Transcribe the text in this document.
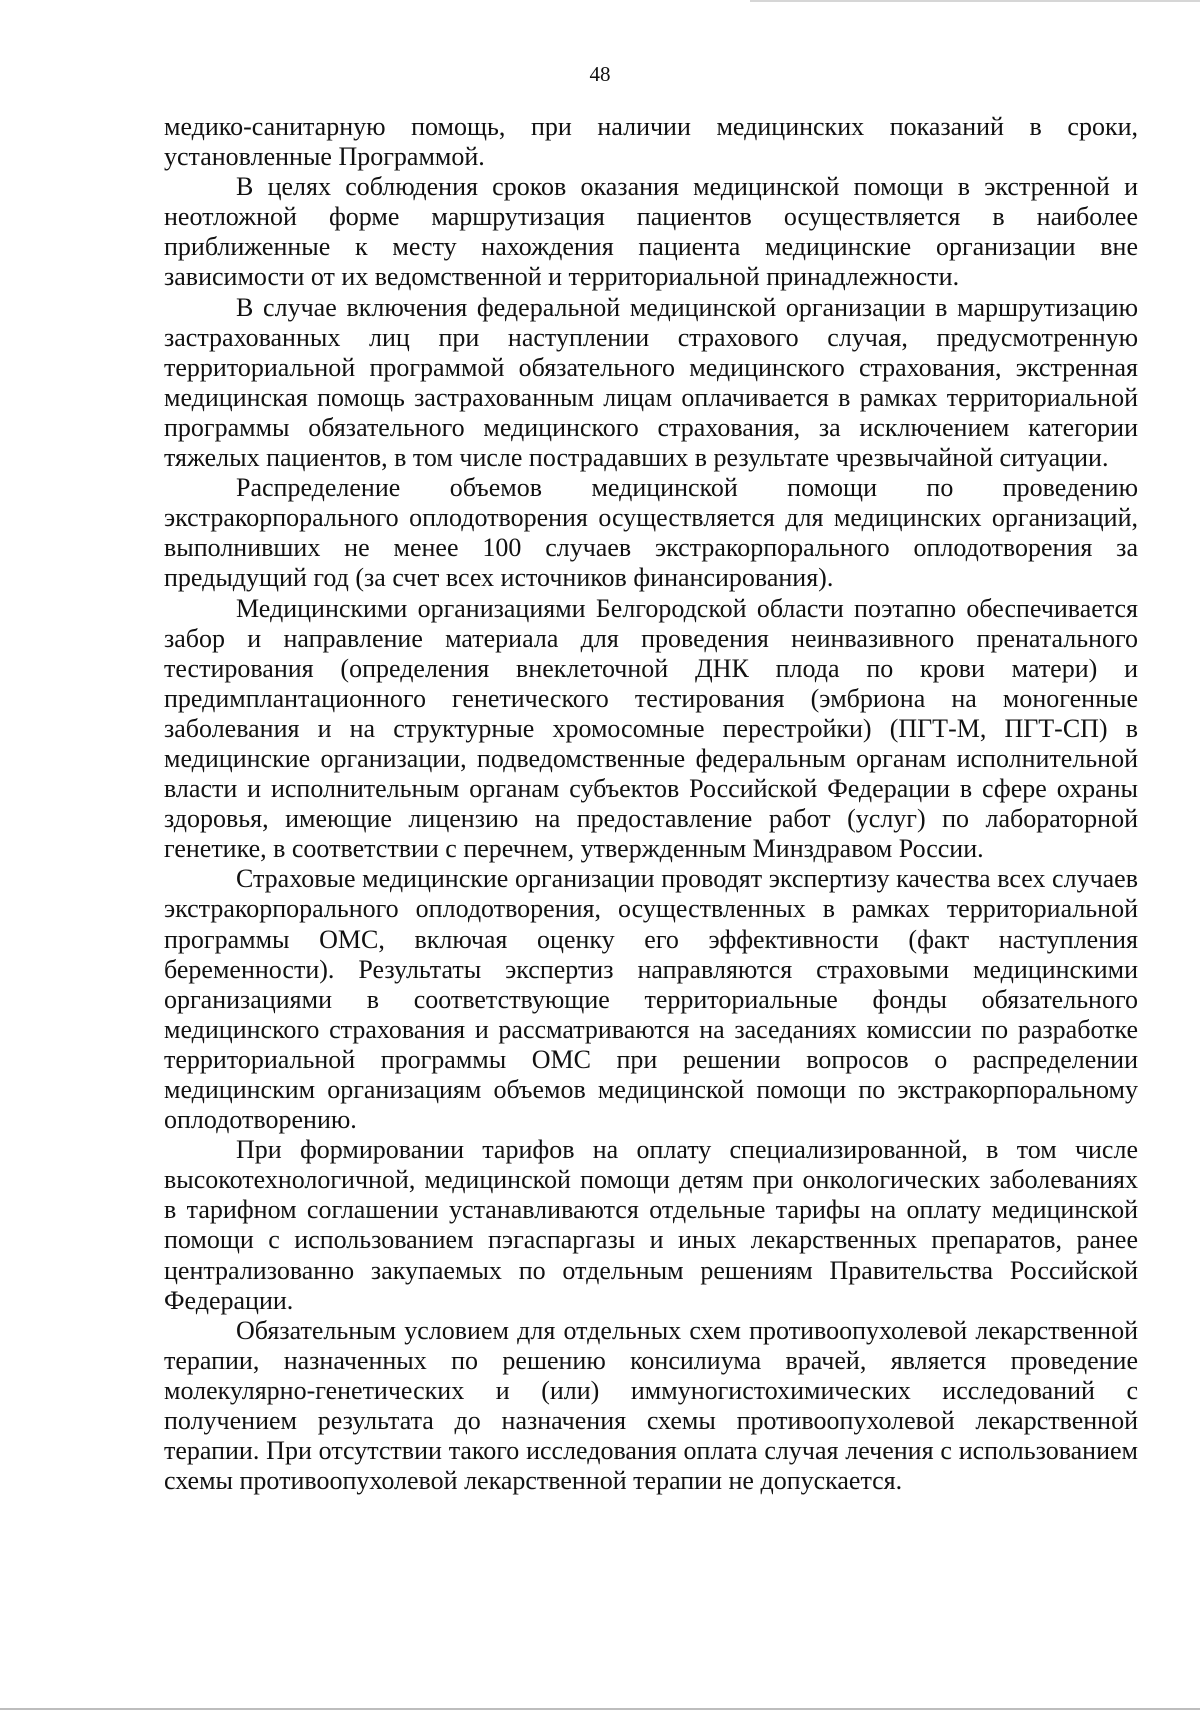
48

медико-санитарную помощь, при наличии медицинских показаний в сроки, установленные Программой.

В целях соблюдения сроков оказания медицинской помощи в экстренной и неотложной форме маршрутизация пациентов осуществляется в наиболее приближенные к месту нахождения пациента медицинские организации вне зависимости от их ведомственной и территориальной принадлежности.

В случае включения федеральной медицинской организации в маршрутизацию застрахованных лиц при наступлении страхового случая, предусмотренную территориальной программой обязательного медицинского страхования, экстренная медицинская помощь застрахованным лицам оплачивается в рамках территориальной программы обязательного медицинского страхования, за исключением категории тяжелых пациентов, в том числе пострадавших в результате чрезвычайной ситуации.

Распределение объемов медицинской помощи по проведению экстракорпорального оплодотворения осуществляется для медицинских организаций, выполнивших не менее 100 случаев экстракорпорального оплодотворения за предыдущий год (за счет всех источников финансирования).

Медицинскими организациями Белгородской области поэтапно обеспечивается забор и направление материала для проведения неинвазивного пренатального тестирования (определения внеклеточной ДНК плода по крови матери) и предимплантационного генетического тестирования (эмбриона на моногенные заболевания и на структурные хромосомные перестройки) (ПГТ-М, ПГТ-СП) в медицинские организации, подведомственные федеральным органам исполнительной власти и исполнительным органам субъектов Российской Федерации в сфере охраны здоровья, имеющие лицензию на предоставление работ (услуг) по лабораторной генетике, в соответствии с перечнем, утвержденным Минздравом России.

Страховые медицинские организации проводят экспертизу качества всех случаев экстракорпорального оплодотворения, осуществленных в рамках территориальной программы ОМС, включая оценку его эффективности (факт наступления беременности). Результаты экспертиз направляются страховыми медицинскими организациями в соответствующие территориальные фонды обязательного медицинского страхования и рассматриваются на заседаниях комиссии по разработке территориальной программы ОМС при решении вопросов о распределении медицинским организациям объемов медицинской помощи по экстракорпоральному оплодотворению.

При формировании тарифов на оплату специализированной, в том числе высокотехнологичной, медицинской помощи детям при онкологических заболеваниях в тарифном соглашении устанавливаются отдельные тарифы на оплату медицинской помощи с использованием пэгаспаргазы и иных лекарственных препаратов, ранее централизованно закупаемых по отдельным решениям Правительства Российской Федерации.

Обязательным условием для отдельных схем противоопухолевой лекарственной терапии, назначенных по решению консилиума врачей, является проведение молекулярно-генетических и (или) иммуногистохимических исследований с получением результата до назначения схемы противоопухолевой лекарственной терапии. При отсутствии такого исследования оплата случая лечения с использованием схемы противоопухолевой лекарственной терапии не допускается.
